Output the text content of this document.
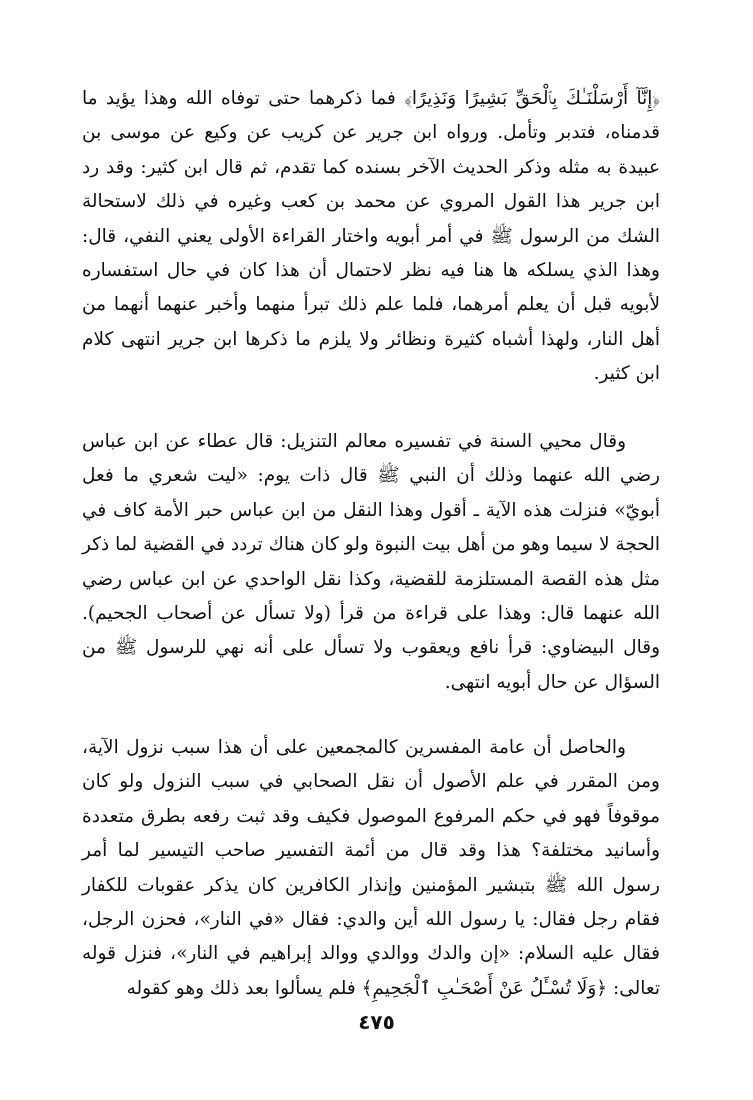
﴿إِنَّآ أَرْسَلْنَـٰكَ بِٱلْحَقِّ بَشِيرًا وَنَذِيرًا﴾ فما ذكرهما حتى توفاه الله وهذا يؤيد ما قدمناه، فتدبر وتأمل. ورواه ابن جرير عن كريب عن وكيع عن موسى بن عبيدة به مثله وذكر الحديث الآخر بسنده كما تقدم، ثم قال ابن كثير: وقد رد ابن جرير هذا القول المروي عن محمد بن كعب وغيره في ذلك لاستحالة الشك من الرسول ﷺ في أمر أبويه واختار القراءة الأولى يعني النفي، قال: وهذا الذي يسلكه ها هنا فيه نظر لاحتمال أن هذا كان في حال استفساره لأبويه قبل أن يعلم أمرهما، فلما علم ذلك تبرأ منهما وأخبر عنهما أنهما من أهل النار، ولهذا أشباه كثيرة ونظائر ولا يلزم ما ذكرها ابن جرير انتهى كلام ابن كثير.

وقال محيي السنة في تفسيره معالم التنزيل: قال عطاء عن ابن عباس رضي الله عنهما وذلك أن النبي ﷺ قال ذات يوم: «ليت شعري ما فعل أبويّ» فنزلت هذه الآية ـ أقول وهذا النقل من ابن عباس حبر الأمة كاف في الحجة لا سيما وهو من أهل بيت النبوة ولو كان هناك تردد في القضية لما ذكر مثل هذه القصة المستلزمة للقضية، وكذا نقل الواحدي عن ابن عباس رضي الله عنهما قال: وهذا على قراءة من قرأ (ولا تسأل عن أصحاب الجحيم). وقال البيضاوي: قرأ نافع ويعقوب ولا تسأل على أنه نهي للرسول ﷺ من السؤال عن حال أبويه انتهى.

والحاصل أن عامة المفسرين كالمجمعين على أن هذا سبب نزول الآية، ومن المقرر في علم الأصول أن نقل الصحابي في سبب النزول ولو كان موقوفاً فهو في حكم المرفوع الموصول فكيف وقد ثبت رفعه بطرق متعددة وأسانيد مختلفة؟ هذا وقد قال من أئمة التفسير صاحب التيسير لما أمر رسول الله ﷺ بتبشير المؤمنين وإنذار الكافرين كان يذكر عقوبات للكفار فقام رجل فقال: يا رسول الله أين والدي: فقال «في النار»، فحزن الرجل، فقال عليه السلام: «إن والدك ووالدي ووالد إبراهيم في النار»، فنزل قوله تعالى: ﴿وَلَا تُسْـَٔلُ عَنْ أَصْحَـٰبِ ٱلْجَحِيمِ﴾ فلم يسألوا بعد ذلك وهو كقوله

٤٧٥
